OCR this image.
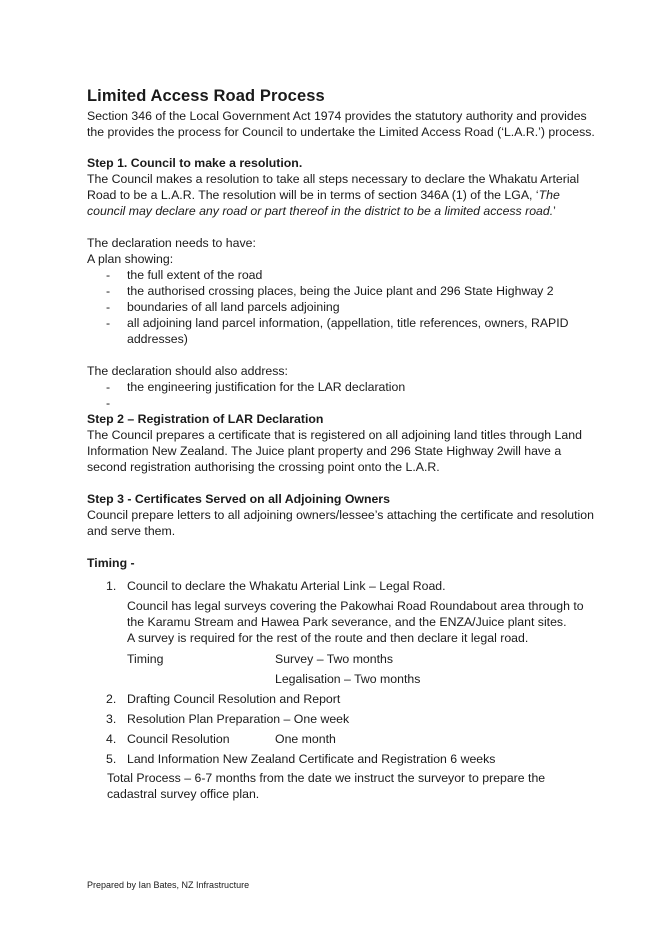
Limited Access Road Process
Section 346 of the Local Government Act 1974 provides the statutory authority and provides
the provides the process for Council to undertake the Limited Access Road (‘L.A.R.’) process.
Step 1. Council to make a resolution.
The Council makes a resolution to take all steps necessary to declare the Whakatu Arterial
Road to be a L.A.R. The resolution will be in terms of section 346A (1) of the LGA, ‘The
council may declare any road or part thereof in the district to be a limited access road.’
The declaration needs to have:
A plan showing:
- the full extent of the road
- the authorised crossing places, being the Juice plant and 296 State Highway 2
- boundaries of all land parcels adjoining
- all adjoining land parcel information, (appellation, title references, owners, RAPID
addresses)
The declaration should also address:
- the engineering justification for the LAR declaration
-
Step 2 – Registration of LAR Declaration
The Council prepares a certificate that is registered on all adjoining land titles through Land
Information New Zealand. The Juice plant property and 296 State Highway 2will have a
second registration authorising the crossing point onto the L.A.R.
Step 3 - Certificates Served on all Adjoining Owners
Council prepare letters to all adjoining owners/lessee’s attaching the certificate and resolution
and serve them.
Timing -
1. Council to declare the Whakatu Arterial Link – Legal Road.
Council has legal surveys covering the Pakowhai Road Roundabout area through to
the Karamu Stream and Hawea Park severance, and the ENZA/Juice plant sites.
A survey is required for the rest of the route and then declare it legal road.
Timing	Survey – Two months
Legalisation – Two months
2. Drafting Council Resolution and Report
3. Resolution Plan Preparation – One week
4. Council Resolution	One month
5. Land Information New Zealand Certificate and Registration 6 weeks
Total Process – 6-7 months from the date we instruct the surveyor to prepare the
cadastral survey office plan.
Prepared by Ian Bates, NZ Infrastructure
